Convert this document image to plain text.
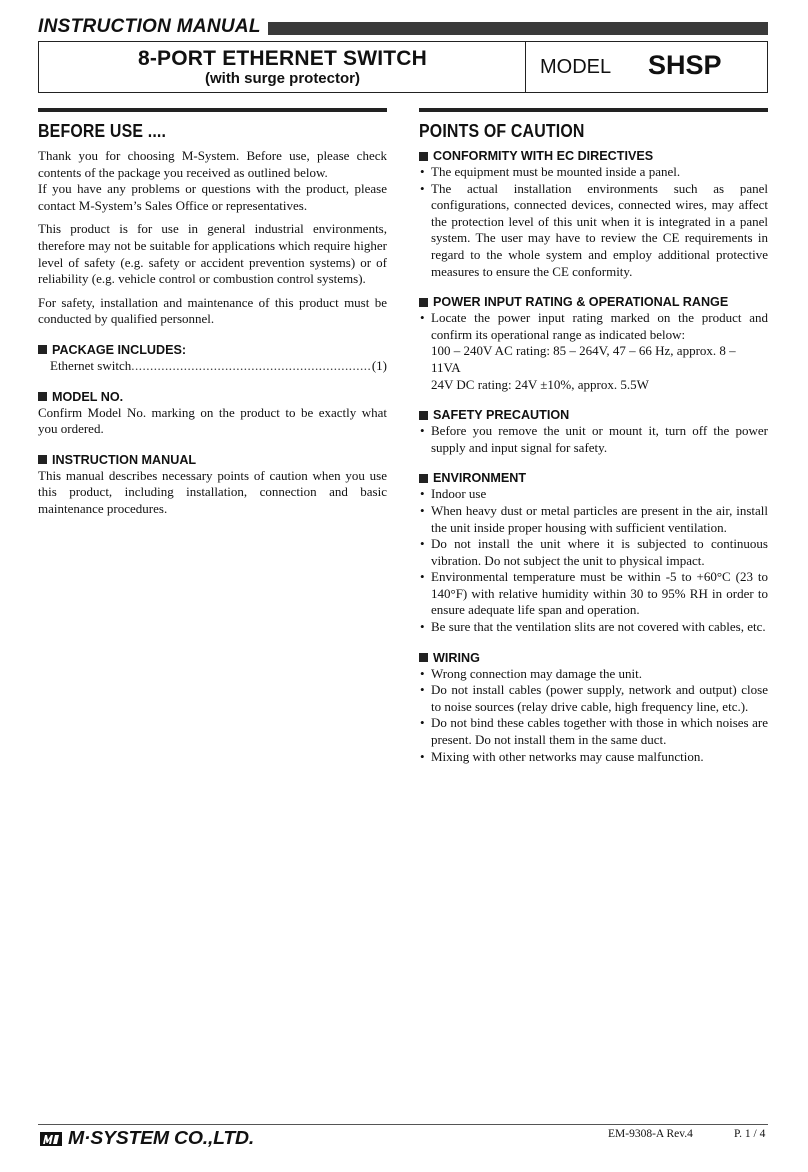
INSTRUCTION MANUAL
8-PORT ETHERNET SWITCH
(with surge protector)
MODEL SHSP
BEFORE USE ....
Thank you for choosing M-System. Before use, please check contents of the package you received as outlined below.
If you have any problems or questions with the product, please contact M-System’s Sales Office or representatives.
This product is for use in general industrial environments, therefore may not be suitable for applications which require higher level of safety (e.g. safety or accident prevention systems) or of reliability (e.g. vehicle control or combustion control systems).
For safety, installation and maintenance of this product must be conducted by qualified personnel.
PACKAGE INCLUDES:
Ethernet switch
.....	(1)
MODEL NO.
Confirm Model No. marking on the product to be exactly what you ordered.
INSTRUCTION MANUAL
This manual describes necessary points of caution when you use this product, including installation, connection and basic maintenance procedures.
POINTS OF CAUTION
CONFORMITY WITH EC DIRECTIVES
• The equipment must be mounted inside a panel.
• The actual installation environments such as panel configurations, connected devices, connected wires, may affect the protection level of this unit when it is integrated in a panel system. The user may have to review the CE requirements in regard to the whole system and employ additional protective measures to ensure the CE conformity.
POWER INPUT RATING & OPERATIONAL RANGE
• Locate the power input rating marked on the product and confirm its operational range as indicated below:
100 – 240V AC rating: 85 – 264V, 47 – 66 Hz, approx. 8 – 11VA
24V DC rating: 24V ±10%, approx. 5.5W
SAFETY PRECAUTION
• Before you remove the unit or mount it, turn off the power supply and input signal for safety.
ENVIRONMENT
• Indoor use
• When heavy dust or metal particles are present in the air, install the unit inside proper housing with sufficient ventilation.
• Do not install the unit where it is subjected to continuous vibration. Do not subject the unit to physical impact.
• Environmental temperature must be within -5 to +60°C (23 to 140°F) with relative humidity within 30 to 95% RH in order to ensure adequate life span and operation.
• Be sure that the ventilation slits are not covered with cables, etc.
WIRING
• Wrong connection may damage the unit.
• Do not install cables (power supply, network and output) close to noise sources (relay drive cable, high frequency line, etc.).
• Do not bind these cables together with those in which noises are present. Do not install them in the same duct.
• Mixing with other networks may cause malfunction.
M·SYSTEM CO.,LTD.	EM-9308-A Rev.4	P. 1 / 4
